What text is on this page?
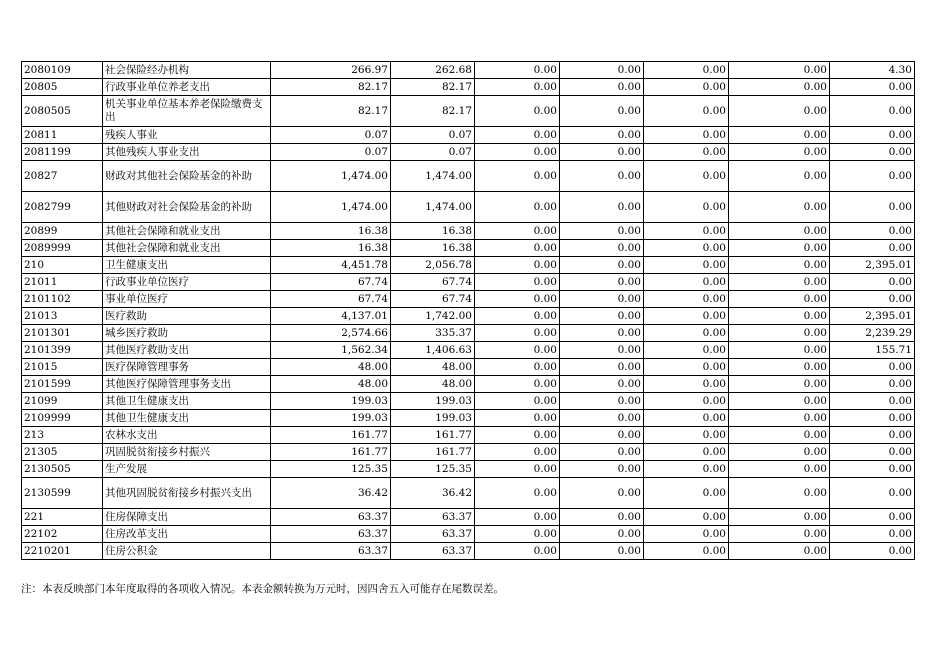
2080109	社会保险经办机构	266.97	262.68	0.00	0.00	0.00	0.00	4.30
20805	行政事业单位养老支出	82.17	82.17	0.00	0.00	0.00	0.00	0.00
2080505	机关事业单位基本养老保险缴费支出	82.17	82.17	0.00	0.00	0.00	0.00	0.00
20811	残疾人事业	0.07	0.07	0.00	0.00	0.00	0.00	0.00
2081199	其他残疾人事业支出	0.07	0.07	0.00	0.00	0.00	0.00	0.00
20827	财政对其他社会保险基金的补助	1,474.00	1,474.00	0.00	0.00	0.00	0.00	0.00
2082799	其他财政对社会保险基金的补助	1,474.00	1,474.00	0.00	0.00	0.00	0.00	0.00
20899	其他社会保障和就业支出	16.38	16.38	0.00	0.00	0.00	0.00	0.00
2089999	其他社会保障和就业支出	16.38	16.38	0.00	0.00	0.00	0.00	0.00
210	卫生健康支出	4,451.78	2,056.78	0.00	0.00	0.00	0.00	2,395.01
21011	行政事业单位医疗	67.74	67.74	0.00	0.00	0.00	0.00	0.00
2101102	事业单位医疗	67.74	67.74	0.00	0.00	0.00	0.00	0.00
21013	医疗救助	4,137.01	1,742.00	0.00	0.00	0.00	0.00	2,395.01
2101301	城乡医疗救助	2,574.66	335.37	0.00	0.00	0.00	0.00	2,239.29
2101399	其他医疗救助支出	1,562.34	1,406.63	0.00	0.00	0.00	0.00	155.71
21015	医疗保障管理事务	48.00	48.00	0.00	0.00	0.00	0.00	0.00
2101599	其他医疗保障管理事务支出	48.00	48.00	0.00	0.00	0.00	0.00	0.00
21099	其他卫生健康支出	199.03	199.03	0.00	0.00	0.00	0.00	0.00
2109999	其他卫生健康支出	199.03	199.03	0.00	0.00	0.00	0.00	0.00
213	农林水支出	161.77	161.77	0.00	0.00	0.00	0.00	0.00
21305	巩固脱贫衔接乡村振兴	161.77	161.77	0.00	0.00	0.00	0.00	0.00
2130505	生产发展	125.35	125.35	0.00	0.00	0.00	0.00	0.00
2130599	其他巩固脱贫衔接乡村振兴支出	36.42	36.42	0.00	0.00	0.00	0.00	0.00
221	住房保障支出	63.37	63.37	0.00	0.00	0.00	0.00	0.00
22102	住房改革支出	63.37	63.37	0.00	0.00	0.00	0.00	0.00
2210201	住房公积金	63.37	63.37	0.00	0.00	0.00	0.00	0.00
注：本表反映部门本年度取得的各项收入情况。本表金额转换为万元时，因四舍五入可能存在尾数误差。
